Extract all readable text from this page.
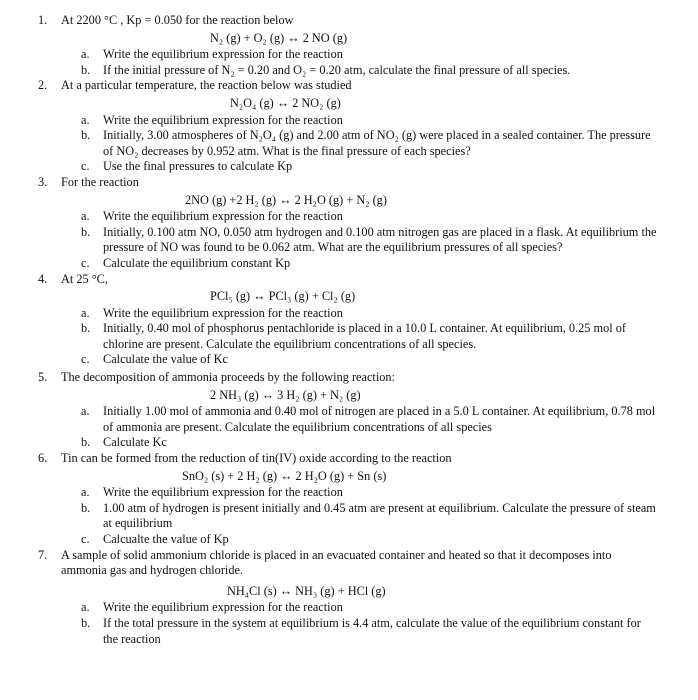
1. At 2200 °C , Kp = 0.050 for the reaction below
N₂ (g) + O₂ (g) ↔ 2 NO (g)
a. Write the equilibrium expression for the reaction
b. If the initial pressure of N₂ = 0.20 and O₂ = 0.20 atm, calculate the final pressure of all species.
2. At a particular temperature, the reaction below was studied
N₂O₄ (g) ↔ 2 NO₂ (g)
a. Write the equilibrium expression for the reaction
b. Initially, 3.00 atmospheres of N₂O₄ (g) and 2.00 atm of NO₂ (g) were placed in a sealed container. The pressure of NO₂ decreases by 0.952 atm. What is the final pressure of each species?
c. Use the final pressures to calculate Kp
3. For the reaction
2NO (g) +2 H₂ (g) ↔ 2 H₂O (g) + N₂ (g)
a. Write the equilibrium expression for the reaction
b. Initially, 0.100 atm NO, 0.050 atm hydrogen and 0.100 atm nitrogen gas are placed in a flask. At equilibrium the pressure of NO was found to be 0.062 atm. What are the equilibrium pressures of all species?
c. Calculate the equilibrium constant Kp
4. At 25 °C,
PCl₅ (g) ↔ PCl₃ (g) + Cl₂ (g)
a. Write the equilibrium expression for the reaction
b. Initially, 0.40 mol of phosphorus pentachloride is placed in a 10.0 L container. At equilibrium, 0.25 mol of chlorine are present. Calculate the equilibrium concentrations of all species.
c. Calculate the value of Kc
5. The decomposition of ammonia proceeds by the following reaction:
2 NH₃ (g) ↔ 3 H₂ (g) + N₂ (g)
a. Initially 1.00 mol of ammonia and 0.40 mol of nitrogen are placed in a 5.0 L container. At equilibrium, 0.78 mol of ammonia are present. Calculate the equilibrium concentrations of all species
b. Calculate Kc
6. Tin can be formed from the reduction of tin(IV) oxide according to the reaction
SnO₂ (s) + 2 H₂ (g) ↔ 2 H₂O (g) + Sn (s)
a. Write the equilibrium expression for the reaction
b. 1.00 atm of hydrogen is present initially and 0.45 atm are present at equilibrium. Calculate the pressure of steam at equilibrium
c. Calcualte the value of Kp
7. A sample of solid ammonium chloride is placed in an evacuated container and heated so that it decomposes into ammonia gas and hydrogen chloride.
NH₄Cl (s) ↔ NH₃ (g) + HCl (g)
a. Write the equilibrium expression for the reaction
b. If the total pressure in the system at equilibrium is 4.4 atm, calculate the value of the equilibrium constant for the reaction
